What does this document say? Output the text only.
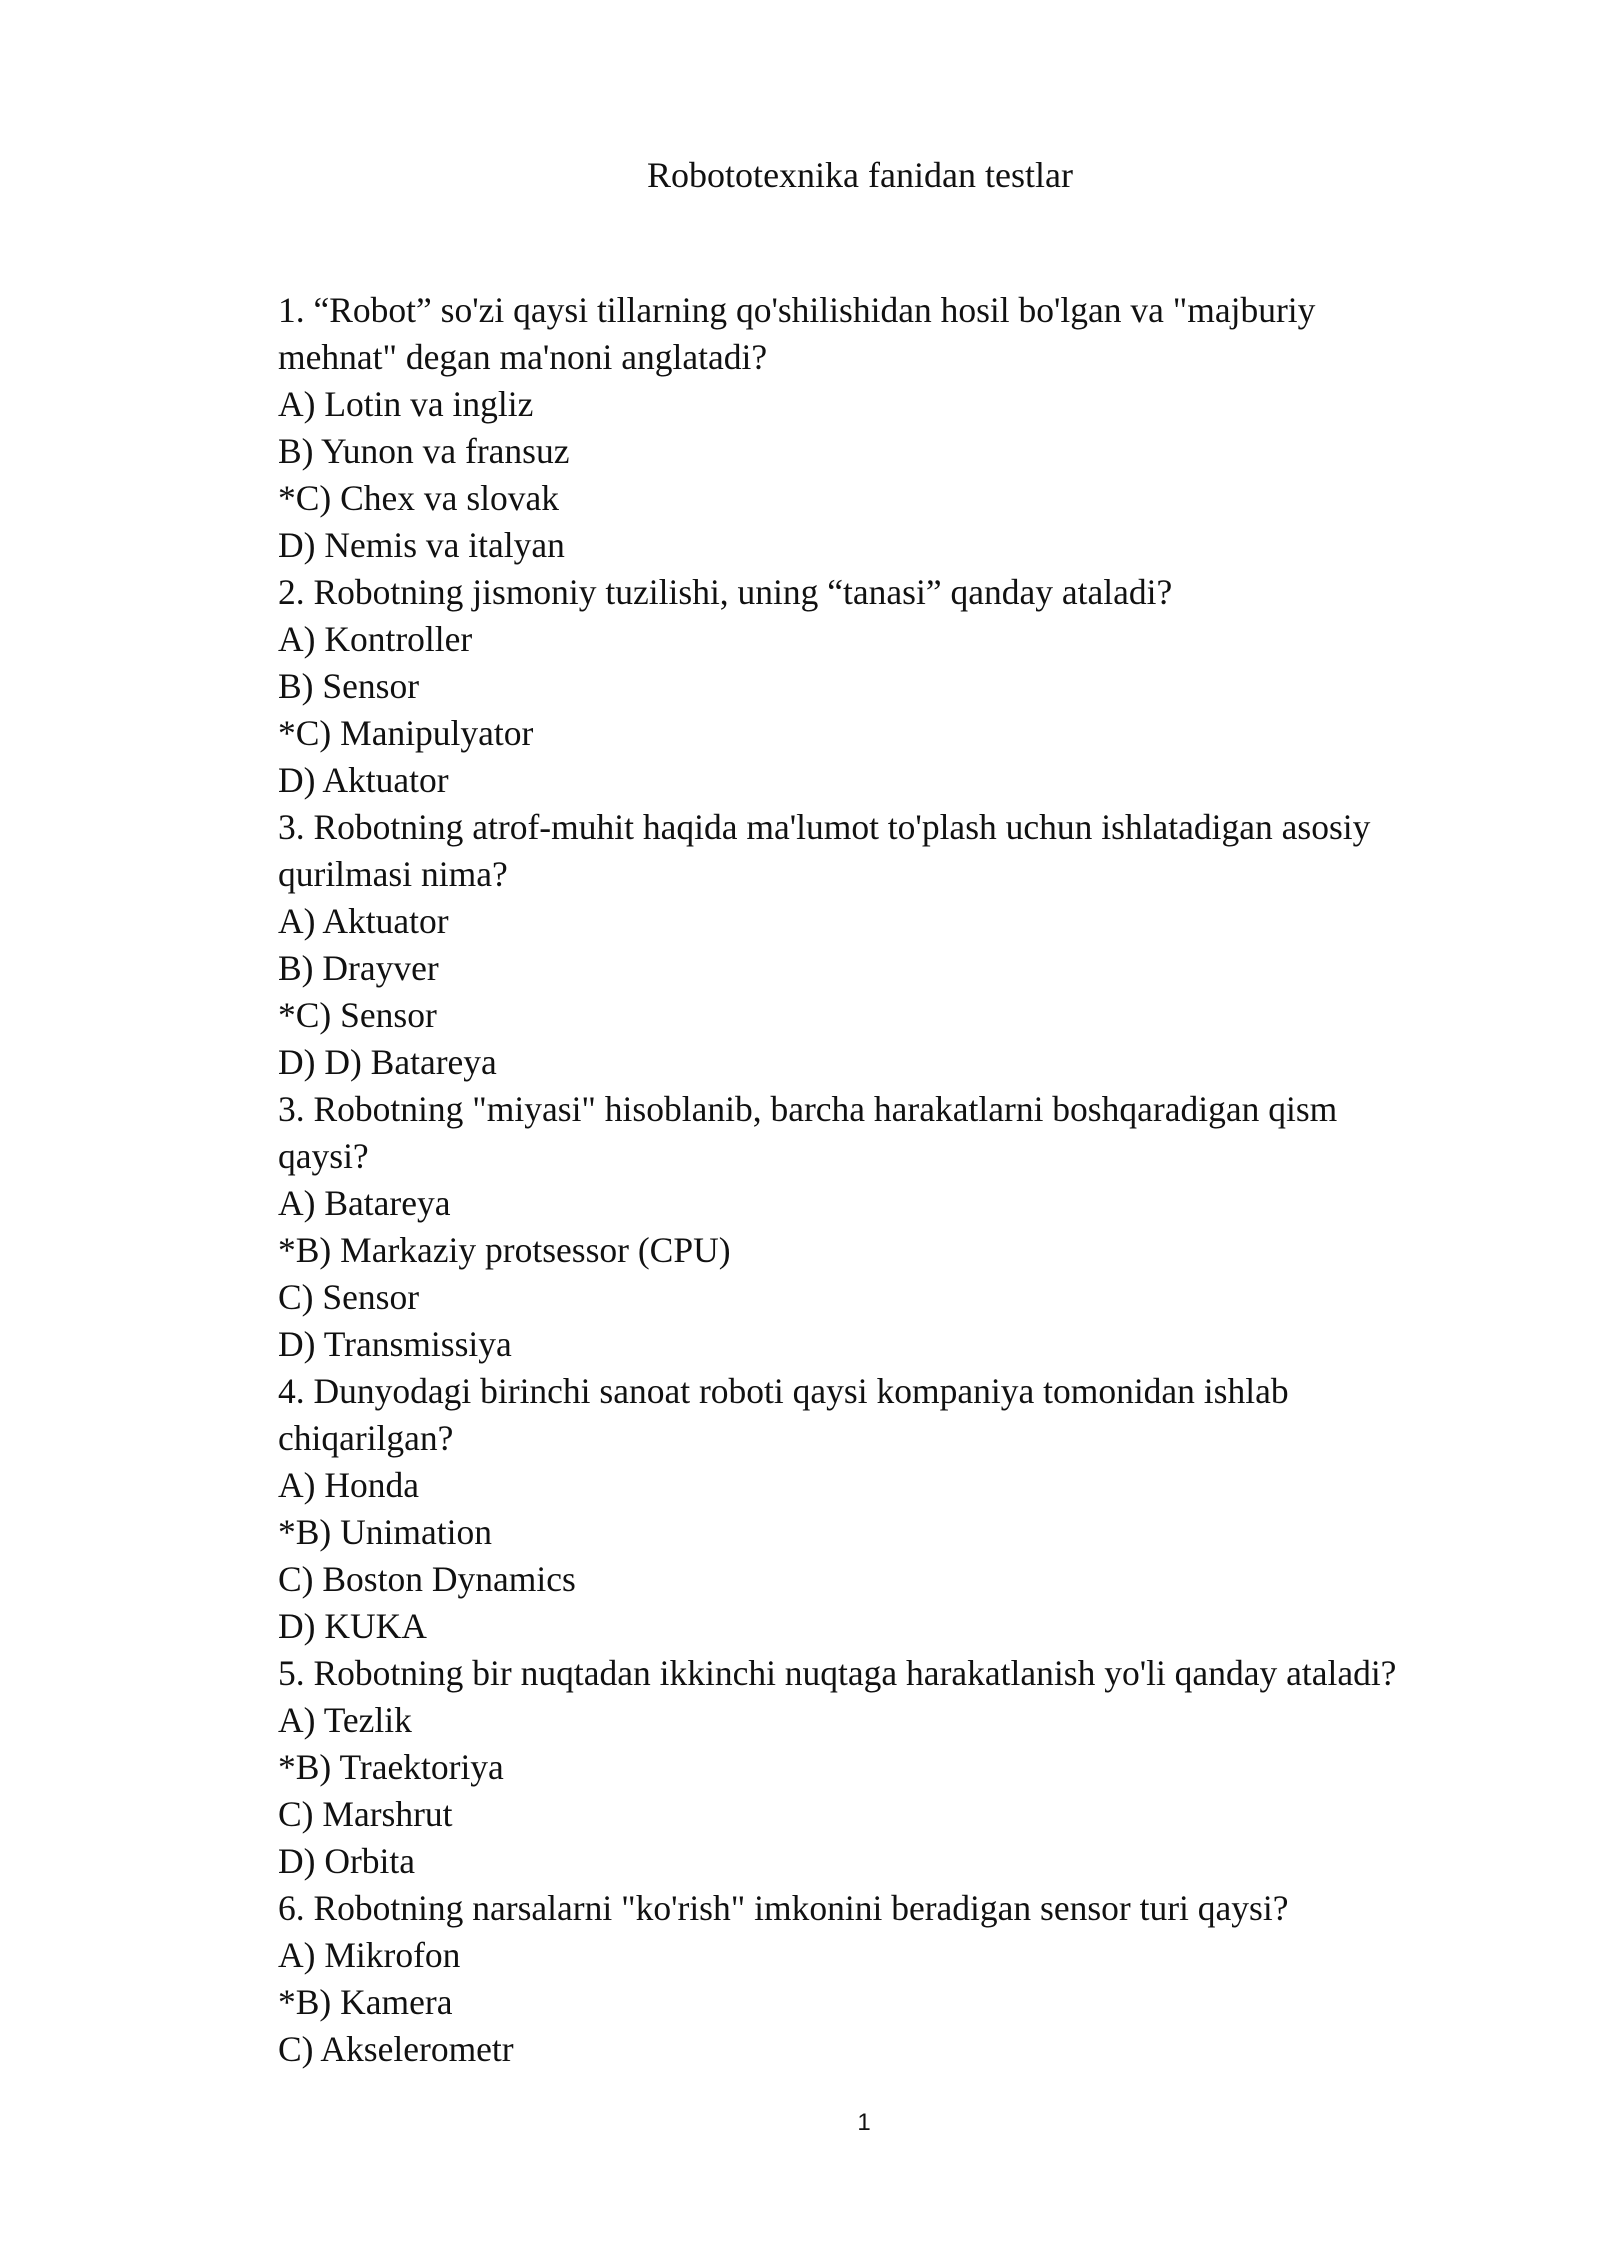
Robototexnika fanidan testlar

1. “Robot” so'zi qaysi tillarning qo'shilishidan hosil bo'lgan va "majburiy

mehnat" degan ma'noni anglatadi?

A) Lotin va ingliz

B) Yunon va fransuz

*C) Chex va slovak

D) Nemis va italyan

2. Robotning jismoniy tuzilishi, uning “tanasi” qanday ataladi?

A) Kontroller

B) Sensor

*C) Manipulyator

D) Aktuator

3. Robotning atrof-muhit haqida ma'lumot to'plash uchun ishlatadigan asosiy

qurilmasi nima?

A) Aktuator

B) Drayver

*C) Sensor

D) D) Batareya

3. Robotning "miyasi" hisoblanib, barcha harakatlarni boshqaradigan qism

qaysi?

A) Batareya

*B) Markaziy protsessor (CPU)

C) Sensor

D) Transmissiya

4. Dunyodagi birinchi sanoat roboti qaysi kompaniya tomonidan ishlab

chiqarilgan?

A) Honda

*B) Unimation

C) Boston Dynamics

D) KUKA

5. Robotning bir nuqtadan ikkinchi nuqtaga harakatlanish yo'li qanday ataladi?

A) Tezlik

*B) Traektoriya

C) Marshrut

D) Orbita

6. Robotning narsalarni "ko'rish" imkonini beradigan sensor turi qaysi?

A) Mikrofon

*B) Kamera

C) Akselerometr

1
